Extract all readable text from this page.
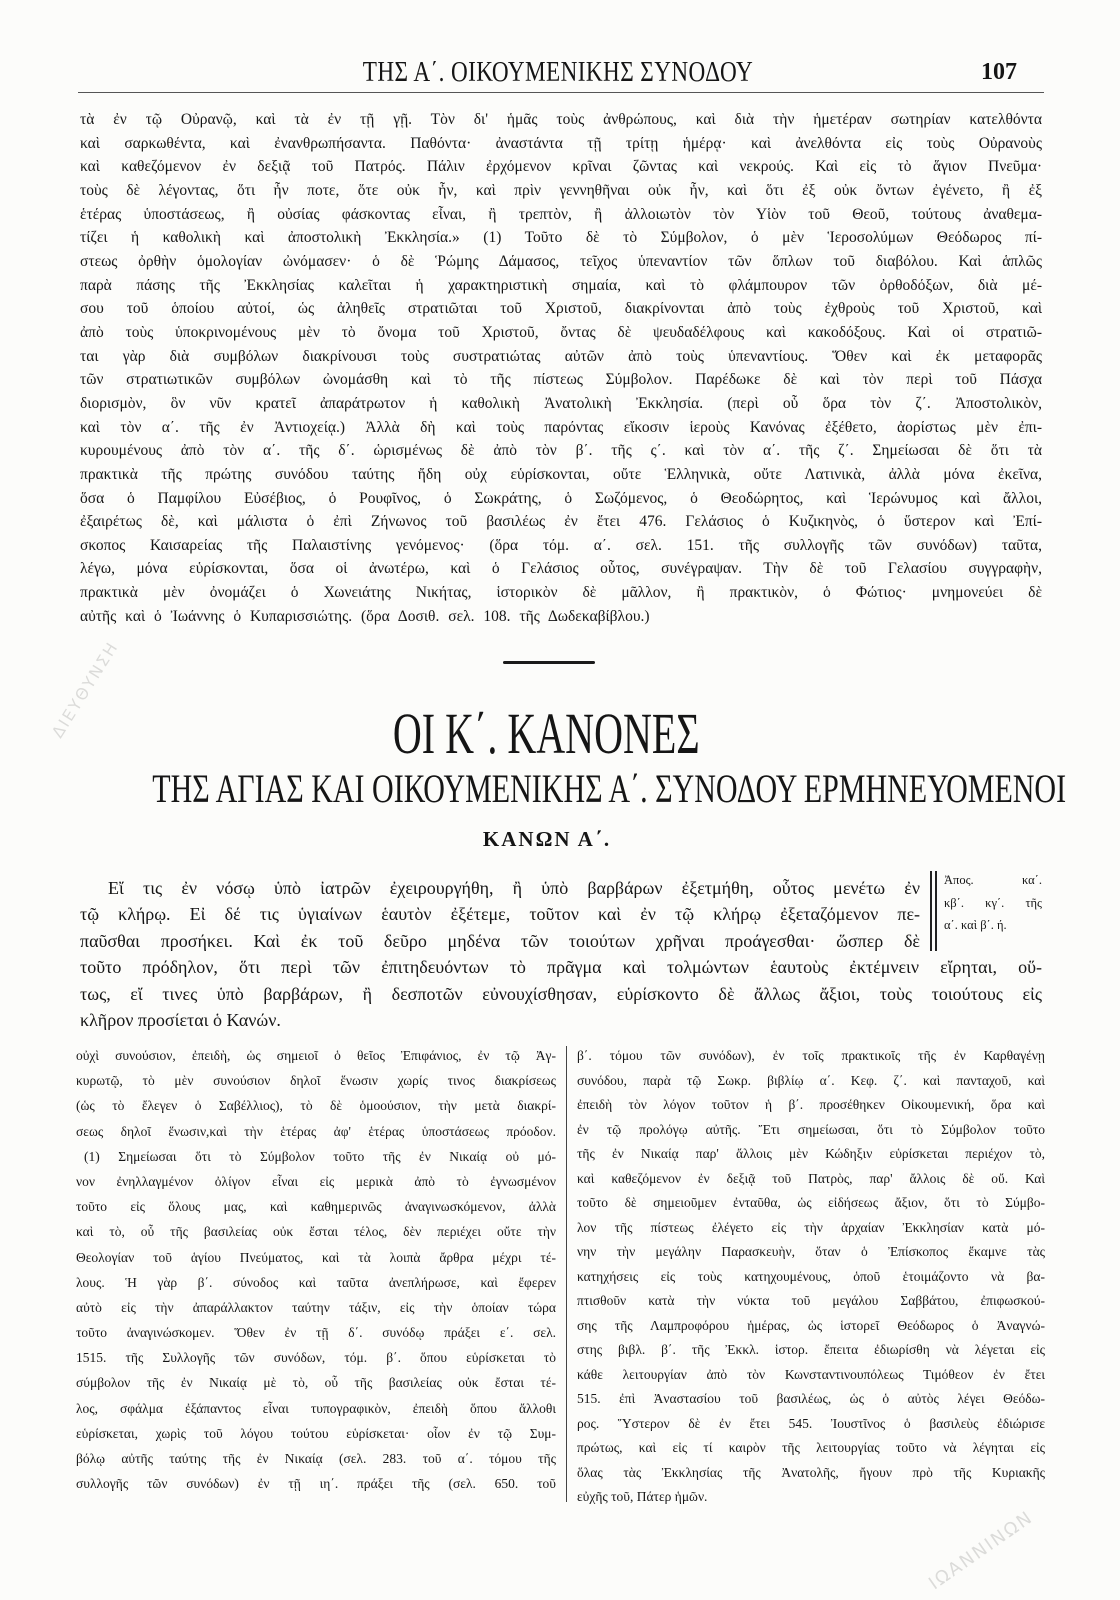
ΤΗΣ Α΄. ΟΙΚΟΥΜΕΝΙΚΗΣ ΣΥΝΟΔΟΥ	107
τὰ ἐν τῷ Οὐρανῷ, καὶ τὰ ἐν τῇ γῇ. Τὸν δι' ἡμᾶς τοὺς ἀνθρώπους, καὶ διὰ τὴν ἡμετέραν σωτηρίαν κατελθόντα
καὶ σαρκωθέντα, καὶ ἐνανθρωπήσαντα. Παθόντα· ἀναστάντα τῇ τρίτῃ ἡμέρᾳ· καὶ ἀνελθόντα εἰς τοὺς Οὐρανοὺς
καὶ καθεζόμενον ἐν δεξιᾷ τοῦ Πατρός. Πάλιν ἐρχόμενον κρῖναι ζῶντας καὶ νεκρούς. Καὶ εἰς τὸ ἅγιον Πνεῦμα·
τοὺς δὲ λέγοντας, ὅτι ἦν ποτε, ὅτε οὐκ ἦν, καὶ πρὶν γεννηθῆναι οὐκ ἦν, καὶ ὅτι ἐξ οὐκ ὄντων ἐγένετο, ἢ ἐξ
ἑτέρας ὑποστάσεως, ἢ οὐσίας φάσκοντας εἶναι, ἢ τρεπτὸν, ἢ ἀλλοιωτὸν τὸν Υἱὸν τοῦ Θεοῦ, τούτους ἀναθεμα-
τίζει ἡ καθολικὴ καὶ ἀποστολικὴ Ἐκκλησία.» (1) Τοῦτο δὲ τὸ Σύμβολον, ὁ μὲν Ἱεροσολύμων Θεόδωρος πί-
στεως ὀρθὴν ὁμολογίαν ὠνόμασεν· ὁ δὲ Ῥώμης Δάμασος, τεῖχος ὑπεναντίον τῶν ὅπλων τοῦ διαβόλου. Καὶ ἁπλῶς
παρὰ πάσης τῆς Ἐκκλησίας καλεῖται ἡ χαρακτηριστικὴ σημαία, καὶ τὸ φλάμπουρον τῶν ὀρθοδόξων, διὰ μέ-
σου τοῦ ὁποίου αὐτοί, ὡς ἀληθεῖς στρατιῶται τοῦ Χριστοῦ, διακρίνονται ἀπὸ τοὺς ἐχθροὺς τοῦ Χριστοῦ, καὶ
ἀπὸ τοὺς ὑποκρινομένους μὲν τὸ ὄνομα τοῦ Χριστοῦ, ὄντας δὲ ψευδαδέλφους καὶ κακοδόξους. Καὶ οἱ στρατιῶ-
ται γὰρ διὰ συμβόλων διακρίνουσι τοὺς συστρατιώτας αὐτῶν ἀπὸ τοὺς ὑπεναντίους. Ὅθεν καὶ ἐκ μεταφορᾶς
τῶν στρατιωτικῶν συμβόλων ὠνομάσθη καὶ τὸ τῆς πίστεως Σύμβολον. Παρέδωκε δὲ καὶ τὸν περὶ τοῦ Πάσχα
διορισμὸν, ὃν νῦν κρατεῖ ἀπαράτρωτον ἡ καθολικὴ Ἀνατολικὴ Ἐκκλησία. (περὶ οὗ ὅρα τὸν ζ΄. Ἀποστολικὸν,
καὶ τὸν α΄. τῆς ἐν Ἀντιοχείᾳ.) Ἀλλὰ δὴ καὶ τοὺς παρόντας εἴκοσιν ἱεροὺς Κανόνας ἐξέθετο, ἀορίστως μὲν ἐπι-
κυρουμένους ἀπὸ τὸν α΄. τῆς δ΄. ὡρισμένως δὲ ἀπὸ τὸν β΄. τῆς ς΄. καὶ τὸν α΄. τῆς ζ΄. Σημείωσαι δὲ ὅτι τὰ
πρακτικὰ τῆς πρώτης συνόδου ταύτης ἤδη οὐχ εὑρίσκονται, οὔτε Ἑλληνικὰ, οὔτε Λατινικὰ, ἀλλὰ μόνα ἐκεῖνα,
ὅσα ὁ Παμφίλου Εὐσέβιος, ὁ Ρουφῖνος, ὁ Σωκράτης, ὁ Σωζόμενος, ὁ Θεοδώρητος, καὶ Ἱερώνυμος καὶ ἄλλοι,
ἐξαιρέτως δὲ, καὶ μάλιστα ὁ ἐπὶ Ζήνωνος τοῦ βασιλέως ἐν ἔτει 476. Γελάσιος ὁ Κυζικηνὸς, ὁ ὕστερον καὶ Ἐπί-
σκοπος Καισαρείας τῆς Παλαιστίνης γενόμενος· (ὅρα τόμ. α΄. σελ. 151. τῆς συλλογῆς τῶν συνόδων) ταῦτα,
λέγω, μόνα εὑρίσκονται, ὅσα οἱ ἀνωτέρω, καὶ ὁ Γελάσιος οὗτος, συνέγραψαν. Τὴν δὲ τοῦ Γελασίου συγγραφὴν,
πρακτικὰ μὲν ὀνομάζει ὁ Χωνειάτης Νικήτας, ἱστορικὸν δὲ μᾶλλον, ἢ πρακτικὸν, ὁ Φώτιος· μνημονεύει δὲ
αὐτῆς καὶ ὁ Ἰωάννης ὁ Κυπαρισσιώτης. (ὅρα Δοσιθ. σελ. 108. τῆς Δωδεκαβίβλου.)
ΟΙ Κ΄. ΚΑΝΟΝΕΣ
ΤΗΣ ΑΓΙΑΣ ΚΑΙ ΟΙΚΟΥΜΕΝΙΚΗΣ Α΄. ΣΥΝΟΔΟΥ ΕΡΜΗΝΕΥΟΜΕΝΟΙ
ΚΑΝΩΝ Α΄.
Εἴ τις ἐν νόσῳ ὑπὸ ἰατρῶν ἐχειρουργήθη, ἢ ὑπὸ βαρβάρων ἐξετμήθη, οὗτος μενέτω ἐν
τῷ κλήρῳ. Εἰ δέ τις ὑγιαίνων ἑαυτὸν ἐξέτεμε, τοῦτον καὶ ἐν τῷ κλήρῳ ἐξεταζόμενον πε-
παῦσθαι προσήκει. Καὶ ἐκ τοῦ δεῦρο μηδένα τῶν τοιούτων χρῆναι προάγεσθαι· ὥσπερ δὲ
τοῦτο πρόδηλον, ὅτι περὶ τῶν ἐπιτηδευόντων τὸ πρᾶγμα καὶ τολμώντων ἑαυτοὺς ἐκτέμνειν εἴρηται, οὕ-
τως, εἴ τινες ὑπὸ βαρβάρων, ἢ δεσποτῶν εὐνουχίσθησαν, εὑρίσκοντο δὲ ἄλλως ἄξιοι, τοὺς τοιούτους εἰς
κλῆρον προσίεται ὁ Κανών.
Ἀπος. κα΄.
κβ΄. κγ΄. τῆς
α΄. καὶ β΄. ή.
οὐχὶ συνούσιον, ἐπειδὴ, ὡς σημειοῖ ὁ θεῖος Ἐπιφάνιος, ἐν τῷ Ἀγ-
κυρωτῷ, τὸ μὲν συνούσιον δηλοῖ ἕνωσιν χωρίς τινος διακρίσεως
(ὡς τὸ ἔλεγεν ὁ Σαβέλλιος), τὸ δὲ ὁμοούσιον, τὴν μετὰ διακρί-
σεως δηλοῖ ἕνωσιν,καὶ τὴν ἑτέρας ἀφ' ἑτέρας ὑποστάσεως πρόοδον.
(1) Σημείωσαι ὅτι τὸ Σύμβολον τοῦτο τῆς ἐν Νικαίᾳ οὐ μό-
νον ἐνηλλαγμένον ὀλίγον εἶναι εἰς μερικὰ ἀπὸ τὸ ἐγνωσμένον
τοῦτο εἰς ὅλους μας, καὶ καθημερινῶς ἀναγινωσκόμενον, ἀλλὰ
καὶ τὸ, οὗ τῆς βασιλείας οὐκ ἔσται τέλος, δὲν περιέχει οὔτε τὴν
Θεολογίαν τοῦ ἁγίου Πνεύματος, καὶ τὰ λοιπὰ ἄρθρα μέχρι τέ-
λους. Ἡ γὰρ β΄. σύνοδος καὶ ταῦτα ἀνεπλήρωσε, καὶ ἔφερεν
αὐτὸ εἰς τὴν ἀπαράλλακτον ταύτην τάξιν, εἰς τὴν ὁποίαν τώρα
τοῦτο ἀναγινώσκομεν. Ὅθεν ἐν τῇ δ΄. συνόδῳ πράξει ε΄. σελ.
1515. τῆς Συλλογῆς τῶν συνόδων, τόμ. β΄. ὅπου εὑρίσκεται τὸ
σύμβολον τῆς ἐν Νικαίᾳ μὲ τὸ, οὗ τῆς βασιλείας οὐκ ἔσται τέ-
λος, σφάλμα ἐξάπαντος εἶναι τυπογραφικὸν, ἐπειδὴ ὅπου ἄλλοθι
εὑρίσκεται, χωρὶς τοῦ λόγου τούτου εὑρίσκεται· οἷον ἐν τῷ Συμ-
βόλῳ αὐτῆς ταύτης τῆς ἐν Νικαίᾳ (σελ. 283. τοῦ α΄. τόμου τῆς
συλλογῆς τῶν συνόδων) ἐν τῇ ιη΄. πράξει τῆς (σελ. 650. τοῦ
β΄. τόμου τῶν συνόδων), ἐν τοῖς πρακτικοῖς τῆς ἐν Καρθαγένῃ
συνόδου, παρὰ τῷ Σωκρ. βιβλίῳ α΄. Κεφ. ζ΄. καὶ πανταχοῦ, καὶ
ἐπειδὴ τὸν λόγον τοῦτον ἡ β΄. προσέθηκεν Οἰκουμενική, ὅρα καὶ
ἐν τῷ προλόγῳ αὐτῆς. Ἔτι σημείωσαι, ὅτι τὸ Σύμβολον τοῦτο
τῆς ἐν Νικαίᾳ παρ' ἄλλοις μὲν Κώδηξιν εὑρίσκεται περιέχον τὸ,
καὶ καθεζόμενον ἐν δεξιᾷ τοῦ Πατρὸς, παρ' ἄλλοις δὲ οὔ. Καὶ
τοῦτο δὲ σημειοῦμεν ἐνταῦθα, ὡς εἰδήσεως ἄξιον, ὅτι τὸ Σύμβο-
λον τῆς πίστεως ἐλέγετο εἰς τὴν ἀρχαίαν Ἐκκλησίαν κατὰ μό-
νην τὴν μεγάλην Παρασκευὴν, ὅταν ὁ Ἐπίσκοπος ἔκαμνε τὰς
κατηχήσεις εἰς τοὺς κατηχουμένους, ὁποῦ ἑτοιμάζοντο νὰ βα-
πτισθοῦν κατὰ τὴν νύκτα τοῦ μεγάλου Σαββάτου, ἐπιφωσκού-
σης τῆς Λαμπροφόρου ἡμέρας, ὡς ἱστορεῖ Θεόδωρος ὁ Ἀναγνώ-
στης βιβλ. β΄. τῆς Ἐκκλ. ἱστορ. ἔπειτα ἐδιωρίσθη νὰ λέγεται εἰς
κάθε λειτουργίαν ἀπὸ τὸν Κωνσταντινουπόλεως Τιμόθεον ἐν ἔτει
515. ἐπὶ Ἀναστασίου τοῦ βασιλέως, ὡς ὁ αὐτὸς λέγει Θεόδω-
ρος. Ὕστερον δὲ ἐν ἔτει 545. Ἰουστῖνος ὁ βασιλεὺς ἐδιώρισε
πρώτως, καὶ εἰς τί καιρὸν τῆς λειτουργίας τοῦτο νὰ λέγηται εἰς
ὅλας τὰς Ἐκκλησίας τῆς Ἀνατολῆς, ἤγουν πρὸ τῆς Κυριακῆς
εὐχῆς τοῦ, Πάτερ ἡμῶν.
ΔΙΕΥΘΥΝΣΗ
ΙΩΑΝΝΙΝΩΝ
